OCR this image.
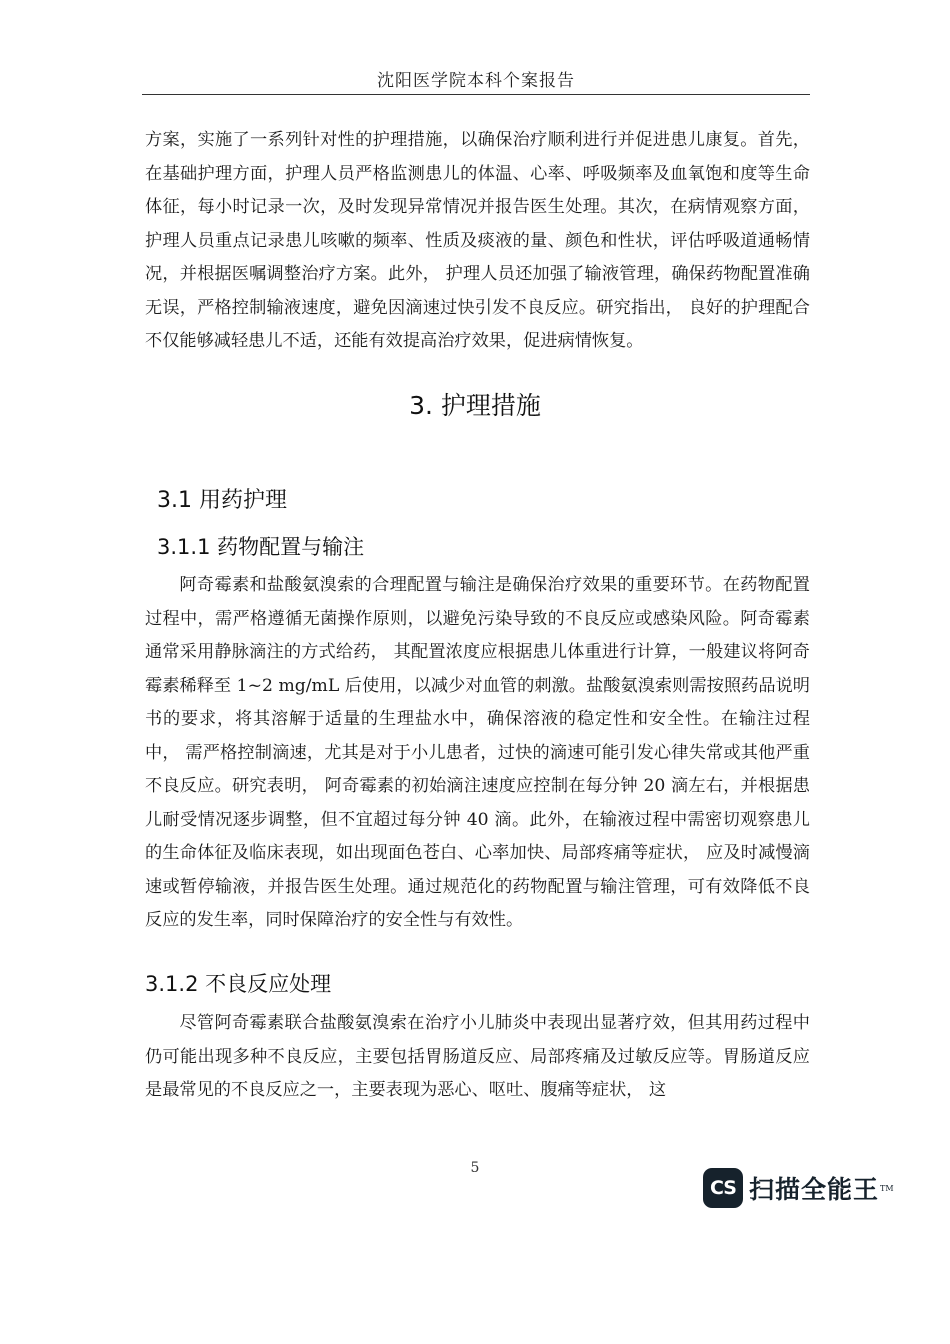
沈阳医学院本科个案报告

方案，实施了一系列针对性的护理措施，以确保治疗顺利进行并促进患儿康复。首先，在基础护理方面，护理人员严格监测患儿的体温、心率、呼吸频率及血氧饱和度等生命体征，每小时记录一次，及时发现异常情况并报告医生处理。其次，在病情观察方面，护理人员重点记录患儿咳嗽的频率、性质及痰液的量、颜色和性状，评估呼吸道通畅情况，并根据医嘱调整治疗方案。此外， 护理人员还加强了输液管理，确保药物配置准确无误，严格控制输液速度，避免因滴速过快引发不良反应。研究指出， 良好的护理配合不仅能够减轻患儿不适，还能有效提高治疗效果，促进病情恢复。

3. 护理措施
3.1 用药护理
3.1.1 药物配置与输注

阿奇霉素和盐酸氨溴索的合理配置与输注是确保治疗效果的重要环节。在药物配置过程中，需严格遵循无菌操作原则，以避免污染导致的不良反应或感染风险。阿奇霉素通常采用静脉滴注的方式给药， 其配置浓度应根据患儿体重进行计算，一般建议将阿奇霉素稀释至 1~2 mg/mL 后使用，以减少对血管的刺激。盐酸氨溴索则需按照药品说明书的要求，将其溶解于适量的生理盐水中，确保溶液的稳定性和安全性。在输注过程中， 需严格控制滴速，尤其是对于小儿患者，过快的滴速可能引发心律失常或其他严重不良反应。研究表明， 阿奇霉素的初始滴注速度应控制在每分钟 20 滴左右，并根据患儿耐受情况逐步调整，但不宜超过每分钟 40 滴。此外，在输液过程中需密切观察患儿的生命体征及临床表现，如出现面色苍白、心率加快、局部疼痛等症状， 应及时减慢滴速或暂停输液，并报告医生处理。通过规范化的药物配置与输注管理，可有效降低不良反应的发生率，同时保障治疗的安全性与有效性。

3.1.2 不良反应处理

尽管阿奇霉素联合盐酸氨溴索在治疗小儿肺炎中表现出显著疗效，但其用药过程中仍可能出现多种不良反应，主要包括胃肠道反应、局部疼痛及过敏反应等。胃肠道反应是最常见的不良反应之一，主要表现为恶心、呕吐、腹痛等症状， 这

5
CS 扫描全能王 TM
